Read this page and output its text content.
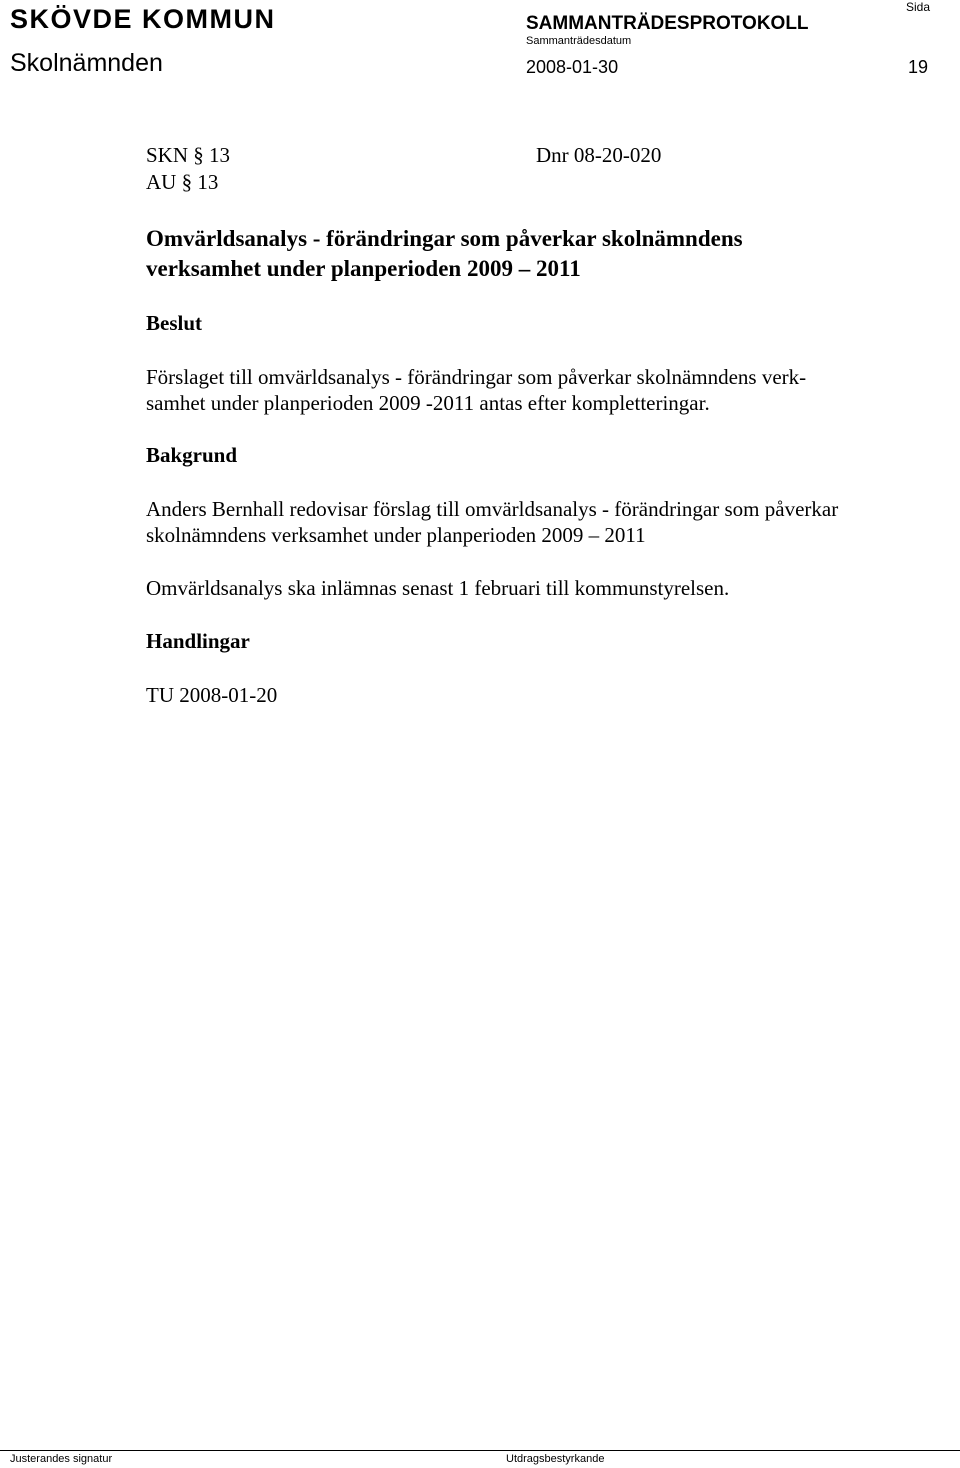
SKÖVDE KOMMUN	Sida
SAMMANTRÄDESPROTOKOLL
Sammanträdesdatum
Skolnämnden	2008-01-30	19
SKN § 13	Dnr 08-20-020
AU § 13
Omvärldsanalys - förändringar som påverkar skolnämndens
verksamhet under planperioden 2009 – 2011
Beslut
Förslaget till omvärldsanalys - förändringar som påverkar skolnämndens verk-
samhet under planperioden 2009 -2011 antas efter kompletteringar.
Bakgrund
Anders Bernhall redovisar förslag till omvärldsanalys - förändringar som påverkar
skolnämndens verksamhet under planperioden 2009 – 2011
Omvärldsanalys ska inlämnas senast 1 februari till kommunstyrelsen.
Handlingar
TU 2008-01-20
Justerandes signatur	Utdragsbestyrkande
